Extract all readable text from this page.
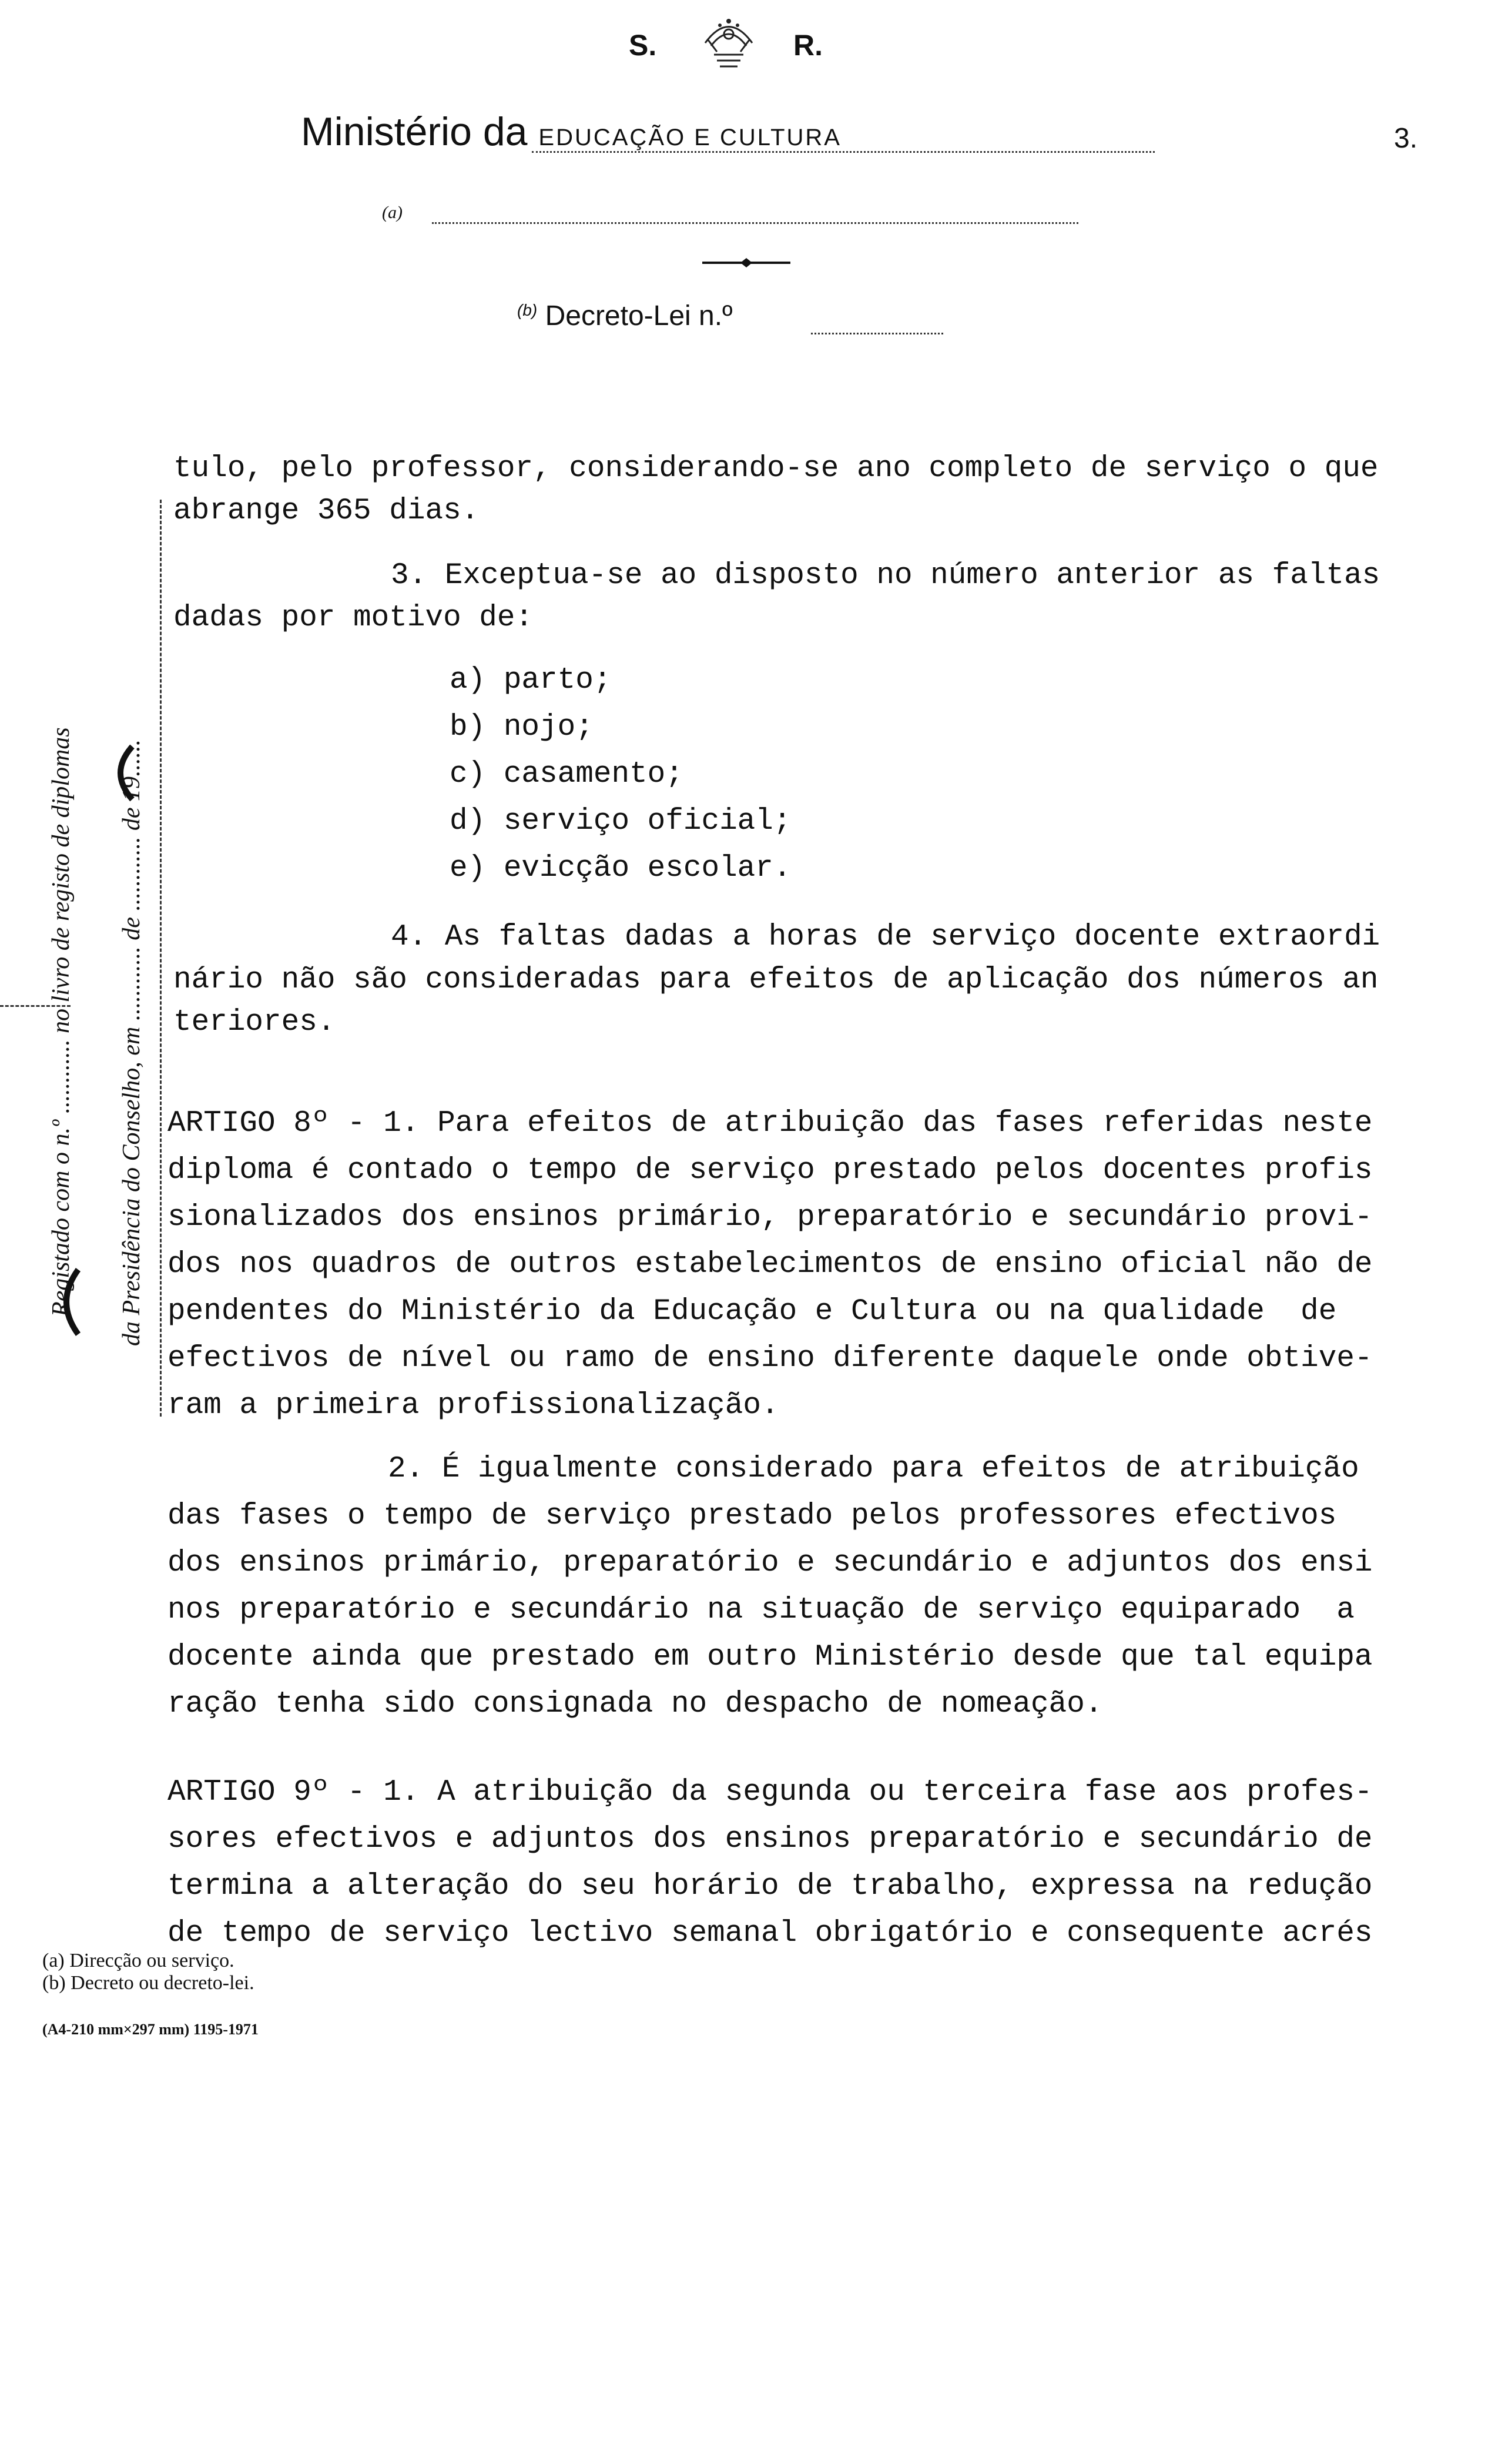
S.	R.
Ministério da EDUCAÇÃO E CULTURA	3.
(a)
$^{(b)}$ Decreto-Lei n.º
Registado com o n.º ............ no livro de registo de diplomas da Presidência do Conselho, em ............ de ............ de 19......
tulo, pelo professor, considerando-se ano completo de serviço o que
abrange 365 dias.
3. Exceptua-se ao disposto no número anterior as faltas
dadas por motivo de:
a) parto;
b) nojo;
c) casamento;
d) serviço oficial;
e) evicção escolar.
4. As faltas dadas a horas de serviço docente extraordi
nário não são consideradas para efeitos de aplicação dos números an
teriores.
ARTIGO 8º - 1. Para efeitos de atribuição das fases referidas neste
diploma é contado o tempo de serviço prestado pelos docentes profis
sionalizados dos ensinos primário, preparatório e secundário provi-
dos nos quadros de outros estabelecimentos de ensino oficial não de
pendentes do Ministério da Educação e Cultura ou na qualidade  de
efectivos de nível ou ramo de ensino diferente daquele onde obtive-
ram a primeira profissionalização.
2. É igualmente considerado para efeitos de atribuição
das fases o tempo de serviço prestado pelos professores efectivos
dos ensinos primário, preparatório e secundário e adjuntos dos ensi
nos preparatório e secundário na situação de serviço equiparado  a
docente ainda que prestado em outro Ministério desde que tal equipa
ração tenha sido consignada no despacho de nomeação.
ARTIGO 9º - 1. A atribuição da segunda ou terceira fase aos profes-
sores efectivos e adjuntos dos ensinos preparatório e secundário de
termina a alteração do seu horário de trabalho, expressa na redução
de tempo de serviço lectivo semanal obrigatório e consequente acrés
(a) Direcção ou serviço.
(b) Decreto ou decreto-lei.
(A4-210 mm×297 mm) 1195-1971
